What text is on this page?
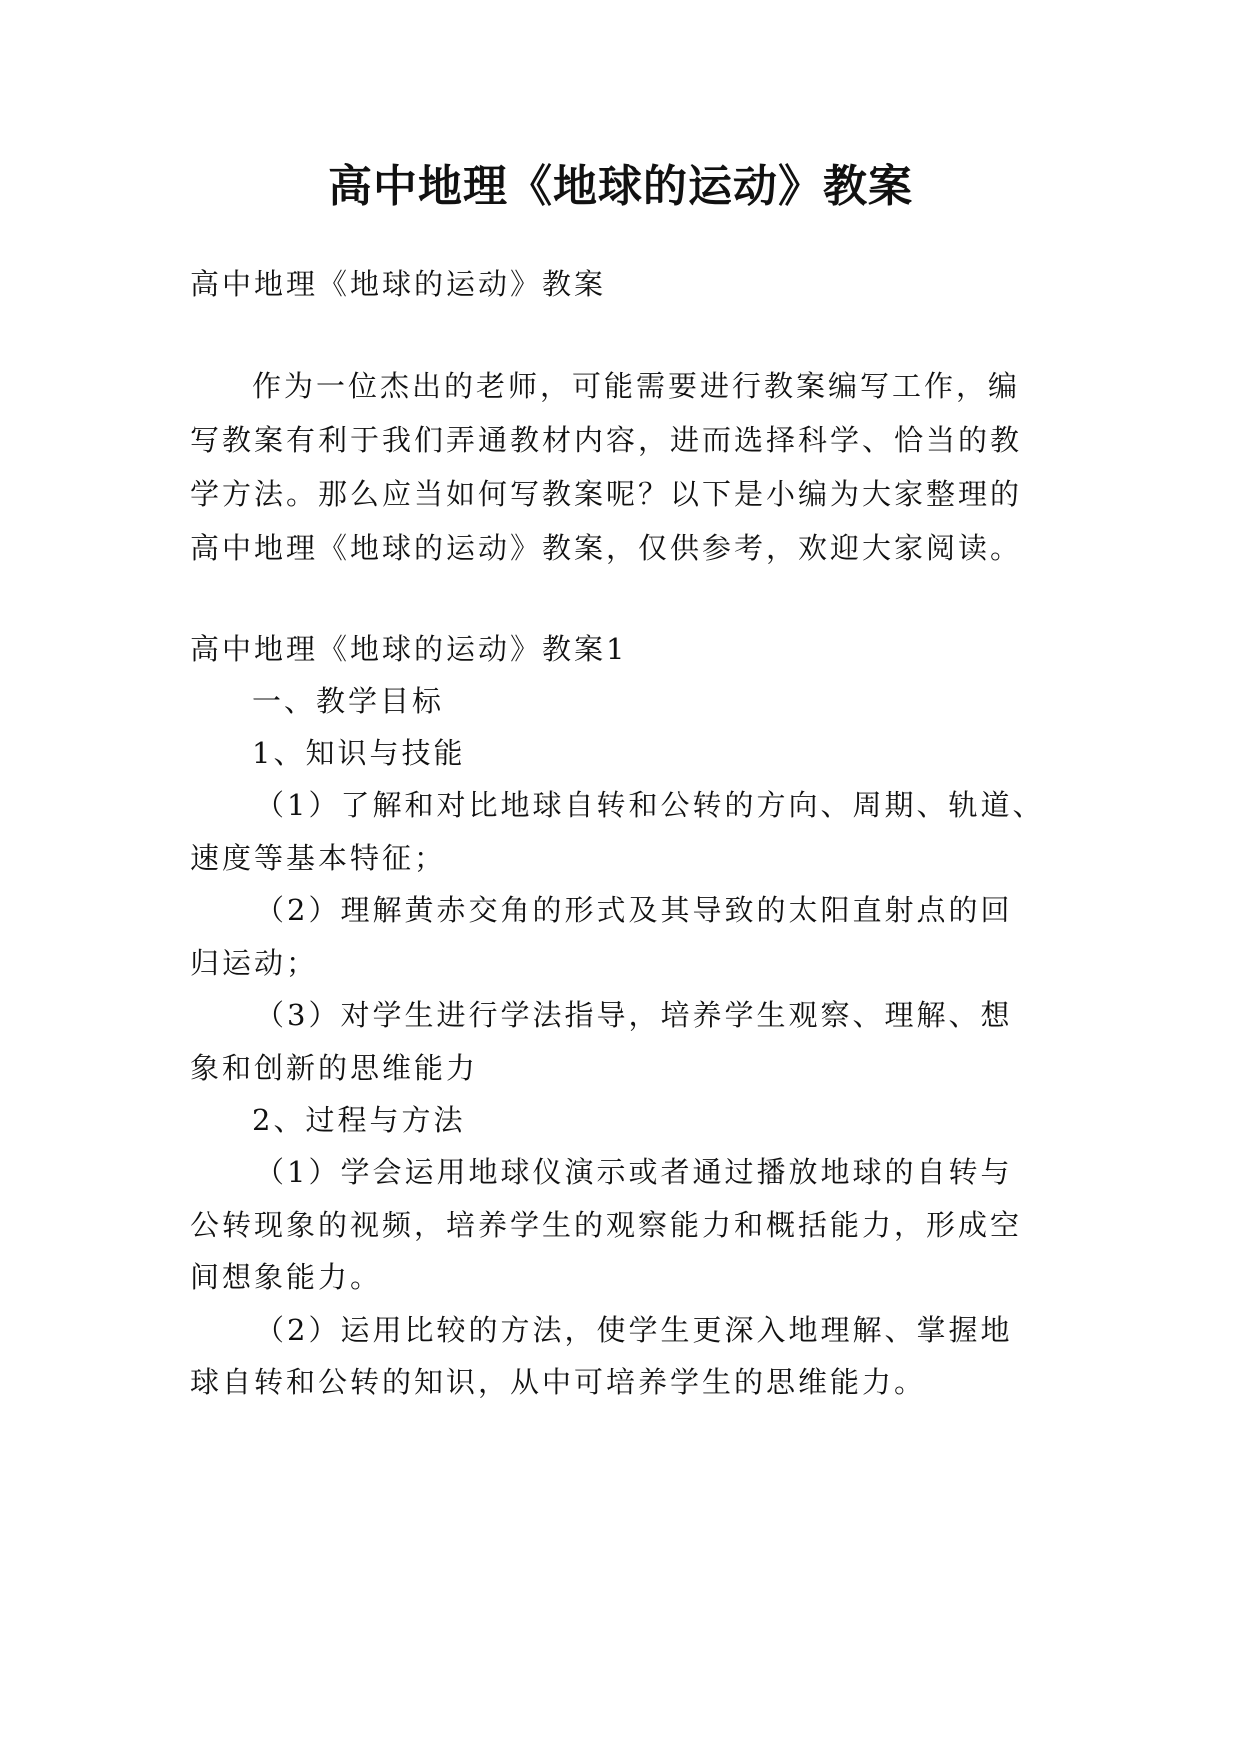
高中地理《地球的运动》教案
高中地理《地球的运动》教案
作为一位杰出的老师，可能需要进行教案编写工作，编
写教案有利于我们弄通教材内容，进而选择科学、恰当的教
学方法。那么应当如何写教案呢？以下是小编为大家整理的
高中地理《地球的运动》教案，仅供参考，欢迎大家阅读。
高中地理《地球的运动》教案1
一、教学目标
1、知识与技能
（1）了解和对比地球自转和公转的方向、周期、轨道、
速度等基本特征；
（2）理解黄赤交角的形式及其导致的太阳直射点的回
归运动；
（3）对学生进行学法指导，培养学生观察、理解、想
象和创新的思维能力
2、过程与方法
（1）学会运用地球仪演示或者通过播放地球的自转与
公转现象的视频，培养学生的观察能力和概括能力，形成空
间想象能力。
（2）运用比较的方法，使学生更深入地理解、掌握地
球自转和公转的知识，从中可培养学生的思维能力。
